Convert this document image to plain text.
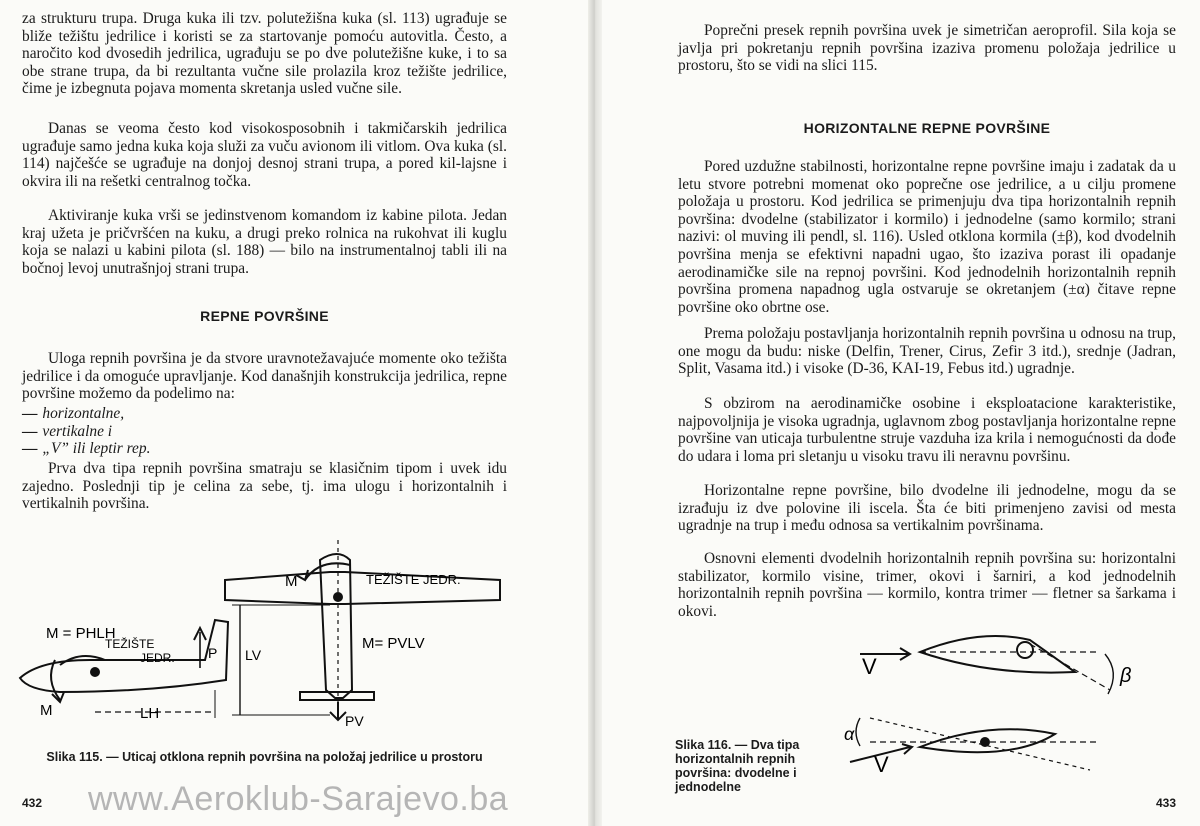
za strukturu trupa. Druga kuka ili tzv. polutežišna kuka (sl. 113) ugrađuje se bliže težištu jedrilice i koristi se za startovanje pomoću autovitla. Često, a naročito kod dvosedih jedrilica, ugrađuju se po dve polutežišne kuke, i to sa obe strane trupa, da bi rezultanta vučne sile prolazila kroz težište jedrilice, čime je izbegnuta pojava momenta skretanja usled vučne sile.

Danas se veoma često kod visokosposobnih i takmičarskih jedrilica ugrađuje samo jedna kuka koja služi za vuču avionom ili vitlom. Ova kuka (sl. 114) najčešće se ugrađuje na donjoj desnoj strani trupa, a pored kil-lajsne i okvira ili na rešetki centralnog točka.

Aktiviranje kuka vrši se jedinstvenom komandom iz kabine pilota. Jedan kraj užeta je pričvršćen na kuku, a drugi preko rolnica na rukohvat ili kuglu koja se nalazi u kabini pilota (sl. 188) — bilo na instrumentalnoj tabli ili na bočnoj levoj unutrašnjoj strani trupa.

REPNE POVRŠINE

Uloga repnih površina je da stvore uravnotežavajuće momente oko težišta jedrilice i da omoguće upravljanje. Kod današnjih konstrukcija jedrilica, repne površine možemo da podelimo na:

— horizontalne,
— vertikalne i
— „V” ili leptir rep.

Prva dva tipa repnih površina smatraju se klasičnim tipom i uvek idu zajedno. Poslednji tip je celina za sebe, tj. ima ulogu i horizontalnih i vertikalnih površina.

M = PHLH
TEŽIŠTE
JEDR. P
M	LH
LV
M= PVLV
M	TEŽIŠTE JEDR.
PV
Slika 115. — Uticaj otklona repnih površina na položaj jedrilice u prostoru
432 www.Aeroklub-Sarajevo.ba

Poprečni presek repnih površina uvek je simetričan aeroprofil. Sila koja se javlja pri pokretanju repnih površina izaziva promenu položaja jedrilice u prostoru, što se vidi na slici 115.

HORIZONTALNE REPNE POVRŠINE

Pored uzdužne stabilnosti, horizontalne repne površine imaju i zadatak da u letu stvore potrebni momenat oko poprečne ose jedrilice, a u cilju promene položaja u prostoru. Kod jedrilica se primenjuju dva tipa horizontalnih repnih površina: dvodelne (stabilizator i kormilo) i jednodelne (samo kormilo; strani nazivi: ol muving ili pendl, sl. 116). Usled otklona kormila (±β), kod dvodelnih površina menja se efektivni napadni ugao, što izaziva porast ili opadanje aerodinamičke sile na repnoj površini. Kod jednodelnih horizontalnih repnih površina promena napadnog ugla ostvaruje se okretanjem (±α) čitave repne površine oko obrtne ose.

Prema položaju postavljanja horizontalnih repnih površina u odnosu na trup, one mogu da budu: niske (Delfin, Trener, Cirus, Zefir 3 itd.), srednje (Jadran, Split, Vasama itd.) i visoke (D-36, KAI-19, Febus itd.) ugradnje.

S obzirom na aerodinamičke osobine i eksploatacione karakteristike, najpovoljnija je visoka ugradnja, uglavnom zbog postavljanja horizontalne repne površine van uticaja turbulentne struje vazduha iza krila i nemogućnosti da dođe do udara i loma pri sletanju u visoku travu ili neravnu površinu.

Horizontalne repne površine, bilo dvodelne ili jednodelne, mogu da se izrađuju iz dve polovine ili iscela. Šta će biti primenjeno zavisi od mesta ugradnje na trup i među odnosa sa vertikalnim površinama.

Osnovni elementi dvodelnih horizontalnih repnih površina su: horizontalni stabilizator, kormilo visine, trimer, okovi i šarniri, a kod jednodelnih horizontalnih repnih površina — kormilo, kontra trimer — fletner sa šarkama i okovi.

V	β
α
V
Slika 116. — Dva tipa horizontalnih repnih površina: dvodelne i jednodelne
433
